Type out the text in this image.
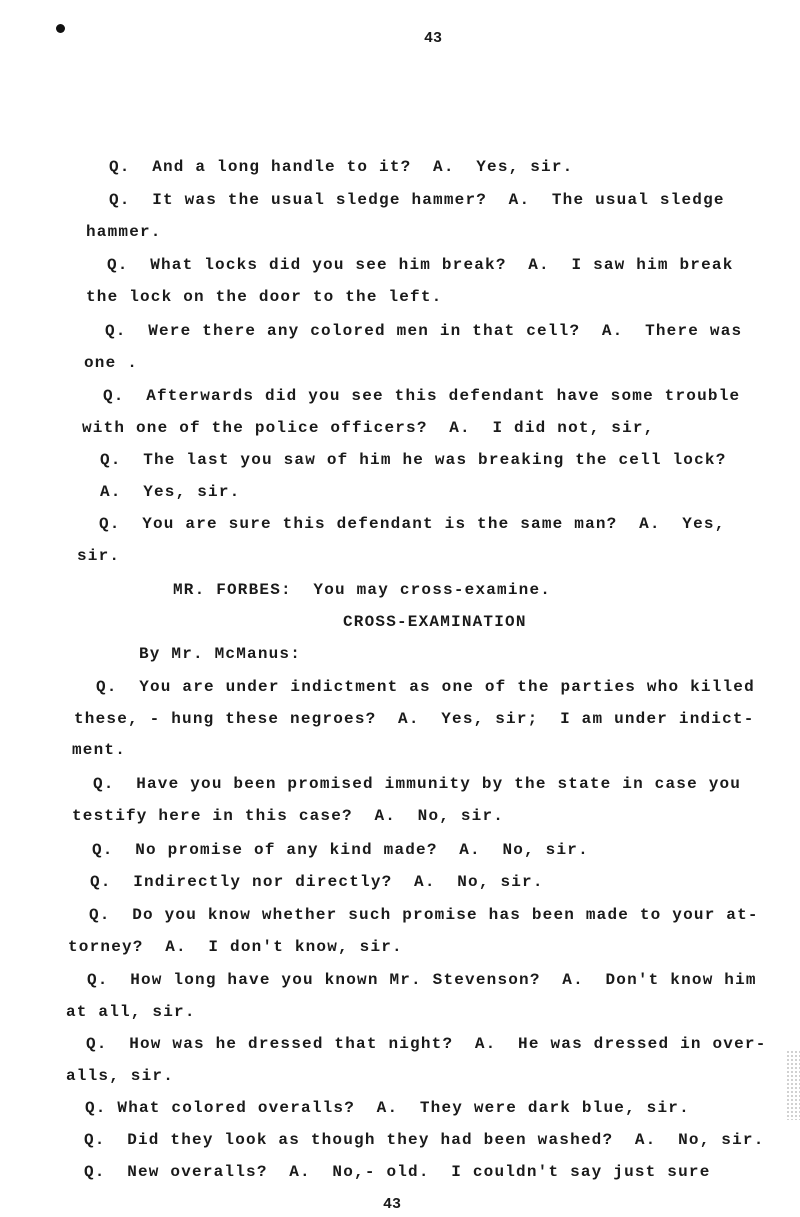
43
Q.  And a long handle to it?  A.  Yes, sir.
Q.  It was the usual sledge hammer?  A.  The usual sledge
hammer.
Q.  What locks did you see him break?  A.  I saw him break
the lock on the door to the left.
Q.  Were there any colored men in that cell?  A.  There was
one .
Q.  Afterwards did you see this defendant have some trouble
with one of the police officers?  A.  I did not, sir,
Q.  The last you saw of him he was breaking the cell lock?
A.  Yes, sir.
Q.  You are sure this defendant is the same man?  A.  Yes,
sir.
MR. FORBES:  You may cross-examine.
CROSS-EXAMINATION
By Mr. McManus:
Q.  You are under indictment as one of the parties who killed
these, - hung these negroes?  A.  Yes, sir;  I am under indict-
ment.
Q.  Have you been promised immunity by the state in case you
testify here in this case?  A.  No, sir.
Q.  No promise of any kind made?  A.  No, sir.
Q.  Indirectly nor directly?  A.  No, sir.
Q.  Do you know whether such promise has been made to your at-
torney?  A.  I don't know, sir.
Q.  How long have you known Mr. Stevenson?  A.  Don't know him
at all, sir.
Q.  How was he dressed that night?  A.  He was dressed in over-
alls, sir.
Q. What colored overalls?  A.  They were dark blue, sir.
Q.  Did they look as though they had been washed?  A.  No, sir.
Q.  New overalls?  A.  No,- old.  I couldn't say just sure
43
